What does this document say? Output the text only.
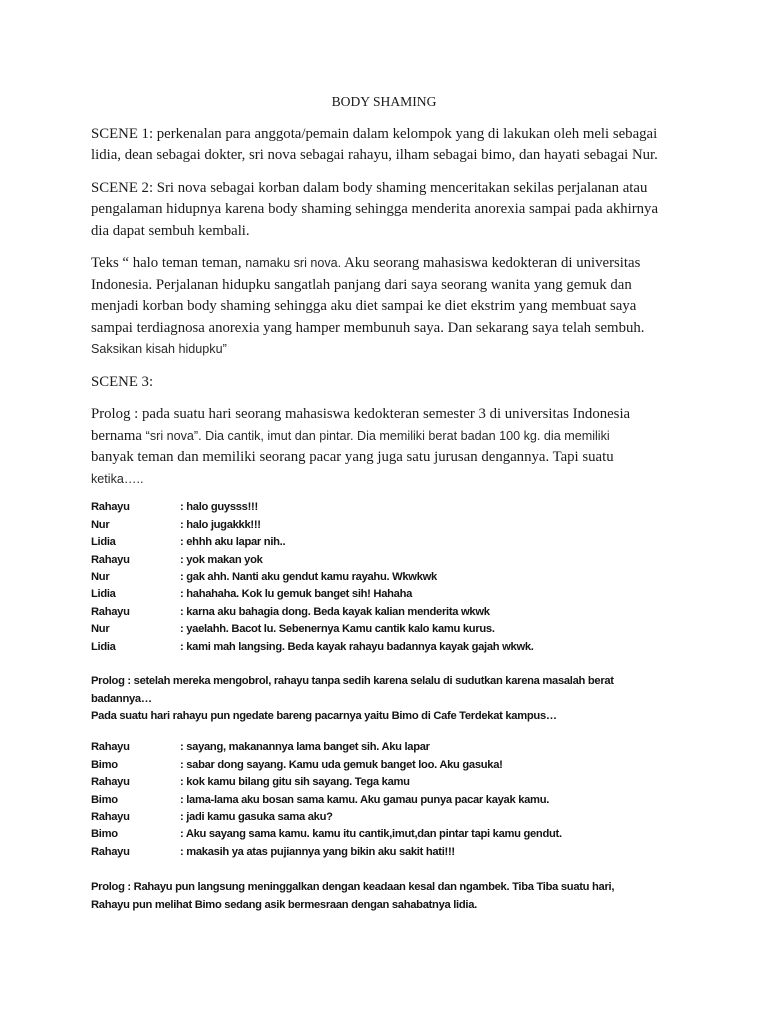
BODY SHAMING
SCENE 1: perkenalan para anggota/pemain dalam kelompok yang di lakukan oleh meli sebagai
lidia, dean sebagai dokter, sri nova sebagai rahayu, ilham sebagai bimo, dan hayati sebagai Nur.
SCENE 2: Sri nova sebagai korban dalam body shaming menceritakan sekilas perjalanan atau
pengalaman hidupnya karena body shaming sehingga menderita anorexia sampai pada akhirnya
dia dapat sembuh kembali.
Teks “ halo teman teman, namaku sri nova. Aku seorang mahasiswa kedokteran di universitas
Indonesia. Perjalanan hidupku sangatlah panjang dari saya seorang wanita yang gemuk dan
menjadi korban body shaming sehingga aku diet sampai ke diet ekstrim yang membuat saya
sampai terdiagnosa anorexia yang hamper membunuh saya. Dan sekarang saya telah sembuh.
Saksikan kisah hidupku”
SCENE 3:
Prolog : pada suatu hari seorang mahasiswa kedokteran semester 3 di universitas Indonesia
bernama “sri nova”. Dia cantik, imut dan pintar. Dia memiliki berat badan 100 kg. dia memiliki
banyak teman dan memiliki seorang pacar yang juga satu jurusan dengannya. Tapi suatu
ketika…..
Rahayu	: halo guysss!!!
Nur	: halo jugakkk!!!
Lidia	: ehhh aku lapar nih..
Rahayu	: yok makan yok
Nur	: gak ahh. Nanti aku gendut kamu rayahu. Wkwkwk
Lidia	: hahahaha. Kok lu gemuk banget sih! Hahaha
Rahayu	: karna aku bahagia dong. Beda kayak kalian menderita wkwk
Nur	: yaelahh. Bacot lu. Sebenernya Kamu cantik kalo kamu kurus.
Lidia	: kami mah langsing. Beda kayak rahayu badannya kayak gajah wkwk.
Prolog : setelah mereka mengobrol, rahayu tanpa sedih karena selalu di sudutkan karena masalah berat
badannya…
Pada suatu hari rahayu pun ngedate bareng pacarnya yaitu Bimo di Cafe Terdekat kampus…
Rahayu	: sayang, makanannya lama banget sih. Aku lapar
Bimo	: sabar dong sayang. Kamu uda gemuk banget loo. Aku gasuka!
Rahayu	: kok kamu bilang gitu sih sayang. Tega kamu
Bimo	: lama-lama aku bosan sama kamu. Aku gamau punya pacar kayak kamu.
Rahayu	: jadi kamu gasuka sama aku?
Bimo	: Aku sayang sama kamu. kamu itu cantik,imut,dan pintar tapi kamu gendut.
Rahayu	: makasih ya atas pujiannya yang bikin aku sakit hati!!!
Prolog : Rahayu pun langsung meninggalkan dengan keadaan kesal dan ngambek. Tiba Tiba suatu hari,
Rahayu pun melihat Bimo sedang asik bermesraan dengan sahabatnya lidia.
